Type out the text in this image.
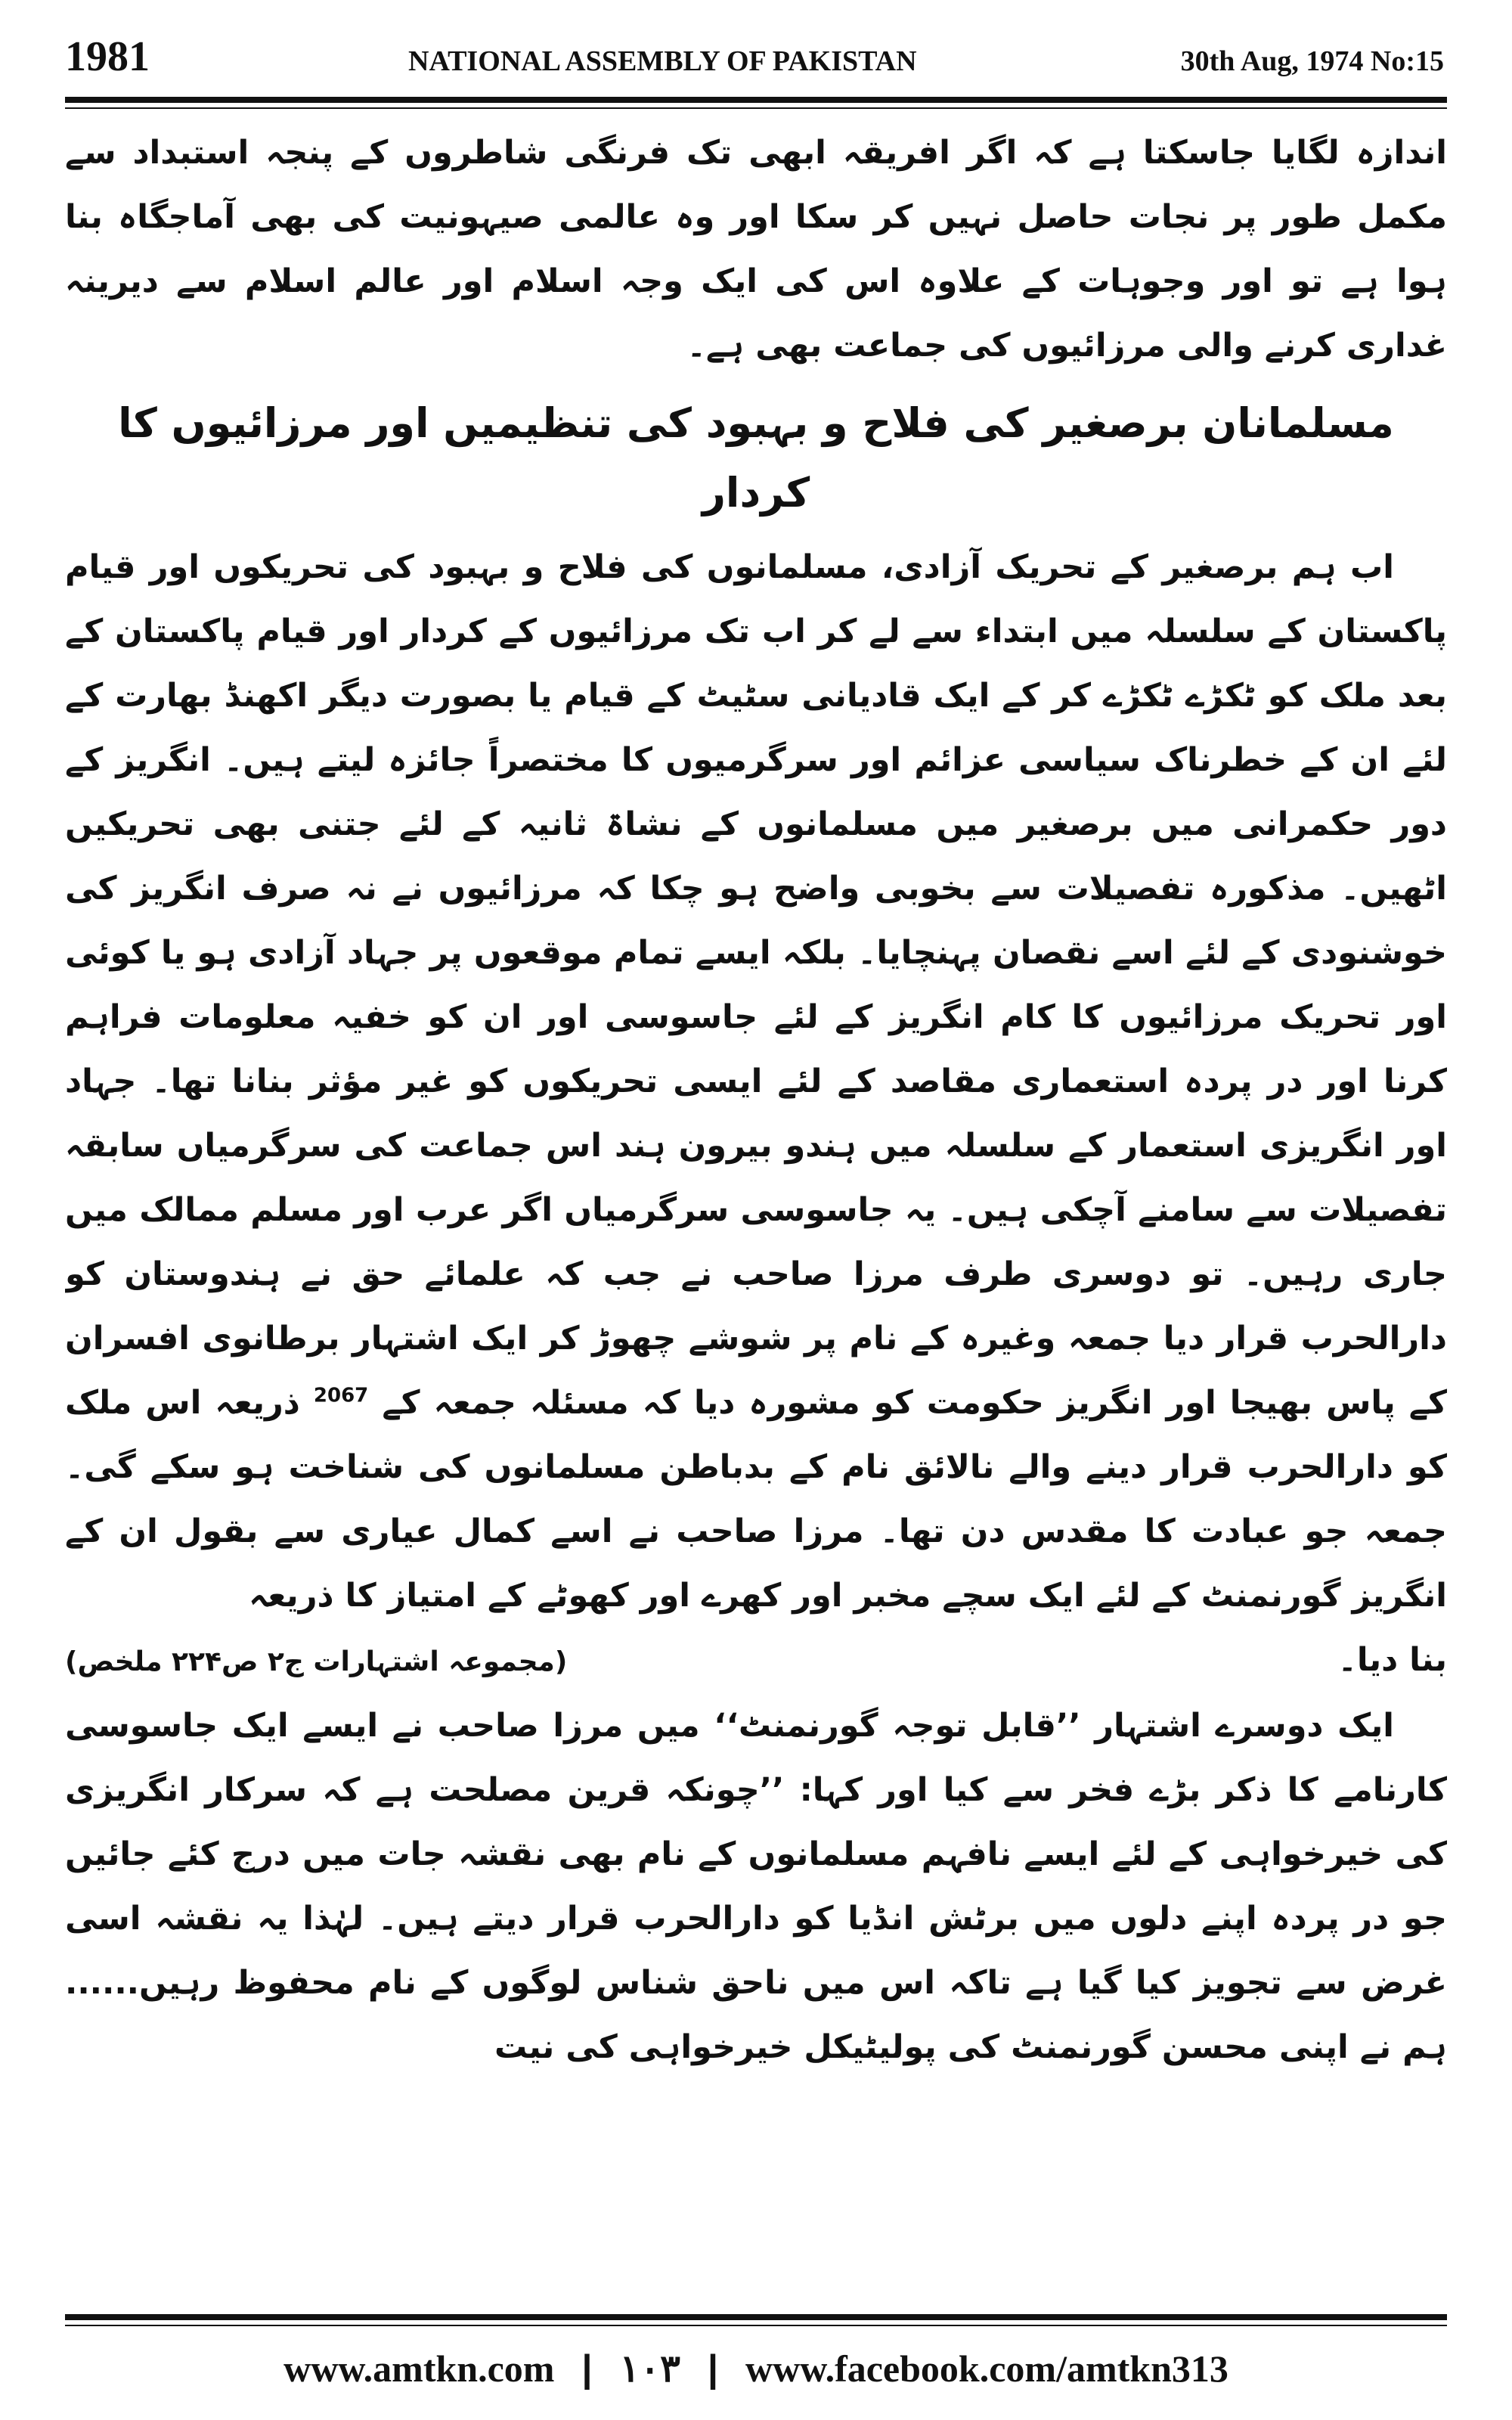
1981	NATIONAL ASSEMBLY OF PAKISTAN	30th Aug, 1974 No:15

اندازہ لگایا جاسکتا ہے کہ اگر افریقہ ابھی تک فرنگی شاطروں کے پنجہ استبداد سے مکمل طور پر نجات حاصل نہیں کر سکا اور وہ عالمی صیہونیت کی بھی آماجگاہ بنا ہوا ہے تو اور وجوہات کے علاوہ اس کی ایک وجہ اسلام اور عالم اسلام سے دیرینہ غداری کرنے والی مرزائیوں کی جماعت بھی ہے۔

مسلمانان برصغیر کی فلاح و بہبود کی تنظیمیں اور مرزائیوں کا کردار

اب ہم برصغیر کے تحریک آزادی، مسلمانوں کی فلاح و بہبود کی تحریکوں اور قیام پاکستان کے سلسلہ میں ابتداء سے لے کر اب تک مرزائیوں کے کردار اور قیام پاکستان کے بعد ملک کو ٹکڑے ٹکڑے کر کے ایک قادیانی سٹیٹ کے قیام یا بصورت دیگر اکھنڈ بھارت کے لئے ان کے خطرناک سیاسی عزائم اور سرگرمیوں کا مختصراً جائزہ لیتے ہیں۔ انگریز کے دور حکمرانی میں برصغیر میں مسلمانوں کے نشاۃ ثانیہ کے لئے جتنی بھی تحریکیں اٹھیں۔ مذکورہ تفصیلات سے بخوبی واضح ہو چکا کہ مرزائیوں نے نہ صرف انگریز کی خوشنودی کے لئے اسے نقصان پہنچایا۔ بلکہ ایسے تمام موقعوں پر جہاد آزادی ہو یا کوئی اور تحریک مرزائیوں کا کام انگریز کے لئے جاسوسی اور ان کو خفیہ معلومات فراہم کرنا اور در پردہ استعماری مقاصد کے لئے ایسی تحریکوں کو غیر مؤثر بنانا تھا۔ جہاد اور انگریزی استعمار کے سلسلہ میں ہندو بیرون ہند اس جماعت کی سرگرمیاں سابقہ تفصیلات سے سامنے آچکی ہیں۔ یہ جاسوسی سرگرمیاں اگر عرب اور مسلم ممالک میں جاری رہیں۔ تو دوسری طرف مرزا صاحب نے جب کہ علمائے حق نے ہندوستان کو دارالحرب قرار دیا جمعہ وغیرہ کے نام پر شوشے چھوڑ کر ایک اشتہار برطانوی افسران کے پاس بھیجا اور انگریز حکومت کو مشورہ دیا کہ مسئلہ جمعہ کے $^{2067}$ ذریعہ اس ملک کو دارالحرب قرار دینے والے نالائق نام کے بدباطن مسلمانوں کی شناخت ہو سکے گی۔ جمعہ جو عبادت کا مقدس دن تھا۔ مرزا صاحب نے اسے کمال عیاری سے بقول ان کے انگریز گورنمنٹ کے لئے ایک سچے مخبر اور کھرے اور کھوٹے کے امتیاز کا ذریعہ

بنا دیا۔
(مجموعہ اشتہارات ج۲ ص۲۲۴ ملخص)

ایک دوسرے اشتہار ’’قابل توجہ گورنمنٹ‘‘ میں مرزا صاحب نے ایسے ایک جاسوسی کارنامے کا ذکر بڑے فخر سے کیا اور کہا: ’’چونکہ قرین مصلحت ہے کہ سرکار انگریزی کی خیرخواہی کے لئے ایسے نافہم مسلمانوں کے نام بھی نقشہ جات میں درج کئے جائیں جو در پردہ اپنے دلوں میں برٹش انڈیا کو دارالحرب قرار دیتے ہیں۔ لہٰذا یہ نقشہ اسی غرض سے تجویز کیا گیا ہے تاکہ اس میں ناحق شناس لوگوں کے نام محفوظ رہیں...... ہم نے اپنی محسن گورنمنٹ کی پولیٹیکل خیرخواہی کی نیت

www.amtkn.com | ۱۰۳ | www.facebook.com/amtkn313
